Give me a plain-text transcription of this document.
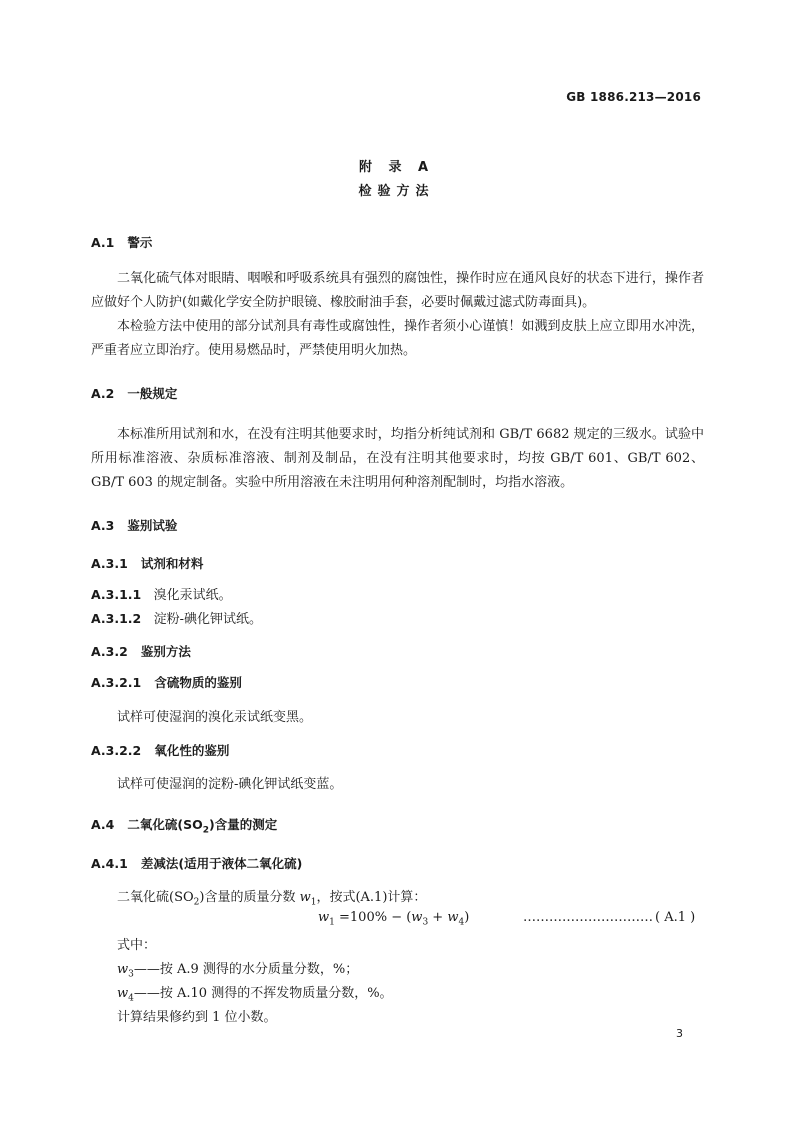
GB 1886.213—2016
附 录 A
检验方法
A.1 警示

二氧化硫气体对眼睛、咽喉和呼吸系统具有强烈的腐蚀性，操作时应在通风良好的状态下进行，操作者应做好个人防护(如戴化学安全防护眼镜、橡胶耐油手套，必要时佩戴过滤式防毒面具)。

本检验方法中使用的部分试剂具有毒性或腐蚀性，操作者须小心谨慎！如溅到皮肤上应立即用水冲洗，严重者应立即治疗。使用易燃品时，严禁使用明火加热。

A.2 一般规定

本标准所用试剂和水，在没有注明其他要求时，均指分析纯试剂和 GB/T 6682 规定的三级水。试验中所用标准溶液、杂质标准溶液、制剂及制品，在没有注明其他要求时，均按 GB/T 601、GB/T 602、GB/T 603 的规定制备。实验中所用溶液在未注明用何种溶剂配制时，均指水溶液。

A.3 鉴别试验
A.3.1 试剂和材料
A.3.1.1 溴化汞试纸。
A.3.1.2 淀粉-碘化钾试纸。
A.3.2 鉴别方法
A.3.2.1 含硫物质的鉴别
试样可使湿润的溴化汞试纸变黑。
A.3.2.2 氧化性的鉴别
试样可使湿润的淀粉-碘化钾试纸变蓝。
A.4 二氧化硫$(SO_2)$含量的测定
A.4.1 差减法(适用于液体二氧化硫)
二氧化硫$(SO_2)$含量的质量分数 $w_1$，按式(A.1)计算：
$w_1 =100\% - (w_3 + w_4)$	………………………… ( A.1 )
式中：
$w_3——$按 A.9 测得的水分质量分数，%；
$w_4——$按 A.10 测得的不挥发物质量分数，%。
计算结果修约到 1 位小数。
3
